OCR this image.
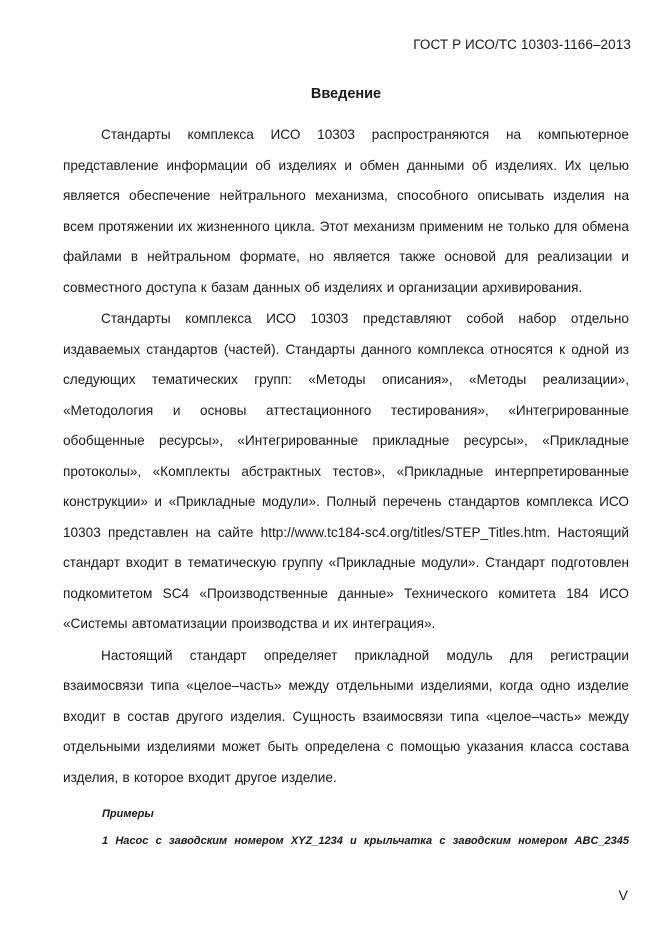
ГОСТ Р ИСО/ТС 10303-1166–2013
Введение

Стандарты комплекса ИСО 10303 распространяются на компьютерное представление информации об изделиях и обмен данными об изделиях. Их целью является обеспечение нейтрального механизма, способного описывать изделия на всем протяжении их жизненного цикла. Этот механизм применим не только для обмена файлами в нейтральном формате, но является также основой для реализации и совместного доступа к базам данных об изделиях и организации архивирования.

Стандарты комплекса ИСО 10303 представляют собой набор отдельно издаваемых стандартов (частей). Стандарты данного комплекса относятся к одной из следующих тематических групп: «Методы описания», «Методы реализации», «Методология и основы аттестационного тестирования», «Интегрированные обобщенные ресурсы», «Интегрированные прикладные ресурсы», «Прикладные протоколы», «Комплекты абстрактных тестов», «Прикладные интерпретированные конструкции» и «Прикладные модули». Полный перечень стандартов комплекса ИСО 10303 представлен на сайте http://www.tc184-sc4.org/titles/STEP_Titles.htm. Настоящий стандарт входит в тематическую группу «Прикладные модули». Стандарт подготовлен подкомитетом SC4 «Производственные данные» Технического комитета 184 ИСО «Системы автоматизации производства и их интеграция».

Настоящий стандарт определяет прикладной модуль для регистрации взаимосвязи типа «целое–часть» между отдельными изделиями, когда одно изделие входит в состав другого изделия. Сущность взаимосвязи типа «целое–часть» между отдельными изделиями может быть определена с помощью указания класса состава изделия, в которое входит другое изделие.

Примеры
1 Насос с заводским номером XYZ_1234 и крыльчатка с заводским номером ABC_2345
V
